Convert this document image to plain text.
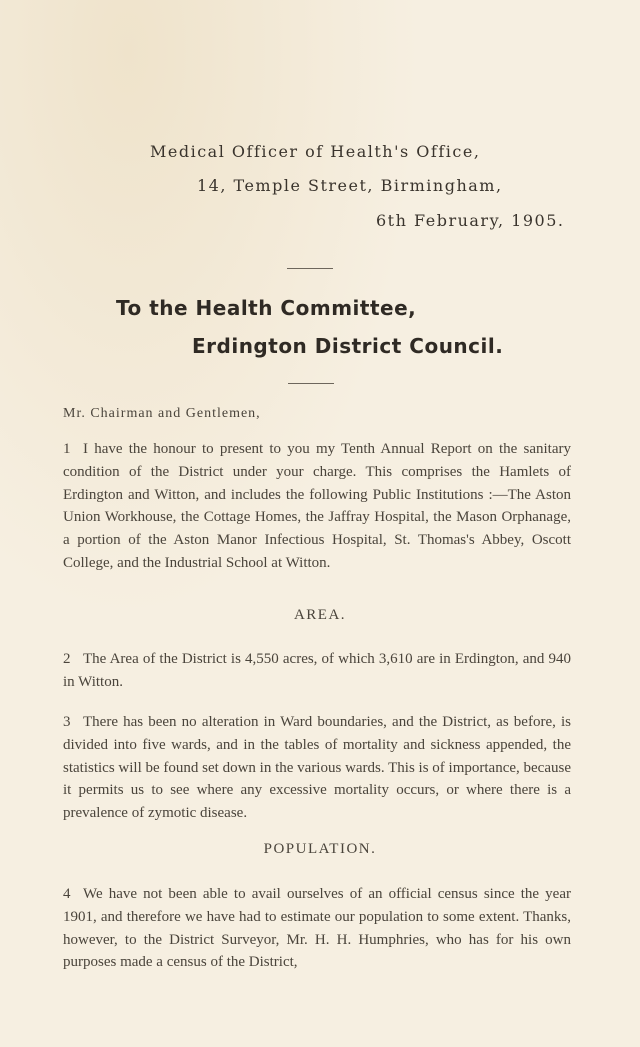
Medical Officer of Health's Office,
14, Temple Street, Birmingham,
6th February, 1905.
To the Health Committee,
Erdington District Council.
Mr. Chairman and Gentlemen,
1 I have the honour to present to you my Tenth Annual Report on the sanitary condition of the District under your charge. This comprises the Hamlets of Erdington and Witton, and includes the following Public Institutions :—The Aston Union Workhouse, the Cottage Homes, the Jaffray Hospital, the Mason Orphanage, a portion of the Aston Manor Infectious Hospital, St. Thomas's Abbey, Oscott College, and the Industrial School at Witton.
AREA.
2 The Area of the District is 4,550 acres, of which 3,610 are in Erdington, and 940 in Witton.
3 There has been no alteration in Ward boundaries, and the District, as before, is divided into five wards, and in the tables of mortality and sickness appended, the statistics will be found set down in the various wards. This is of importance, because it permits us to see where any excessive mortality occurs, or where there is a prevalence of zymotic disease.
POPULATION.
4 We have not been able to avail ourselves of an official census since the year 1901, and therefore we have had to estimate our population to some extent. Thanks, however, to the District Surveyor, Mr. H. H. Humphries, who has for his own purposes made a census of the District,
